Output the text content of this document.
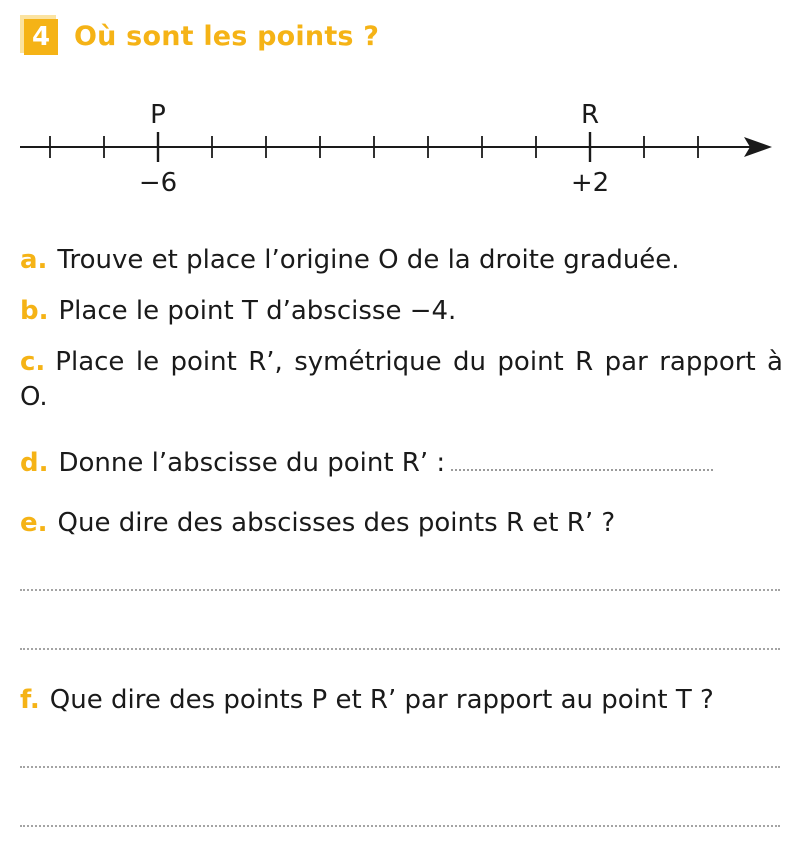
4 Où sont les points ?
P	R
−6	+2
a. Trouve et place l’origine O de la droite graduée.
b. Place le point T d’abscisse −4.
c. Place le point R’, symétrique du point R par rapport à O.
d. Donne l’abscisse du point R’ :
e. Que dire des abscisses des points R et R’ ?
f. Que dire des points P et R’ par rapport au point T ?
